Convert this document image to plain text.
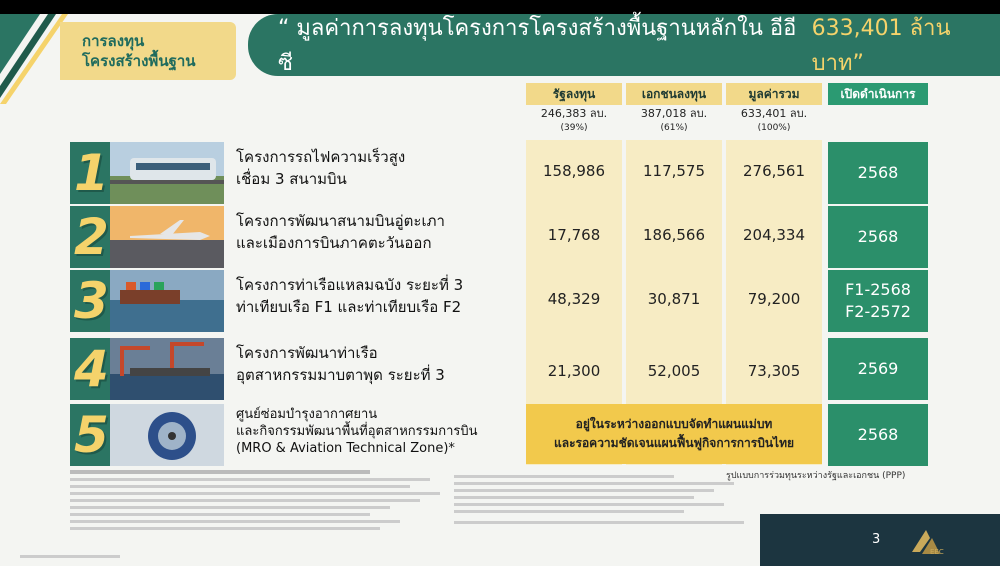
การลงทุน
โครงสร้างพื้นฐาน
“ มูลค่าการลงทุนโครงการโครงสร้างพื้นฐานหลักใน อีอีซี
633,401 ล้านบาท”
รัฐลงทุน	เอกชนลงทุน	มูลค่ารวม	เปิดดำเนินการ
246,383 ลบ.
(39%)
387,018 ลบ.
(61%)
633,401 ลบ.
(100%)
1	โครงการรถไฟความเร็วสูง
เชื่อม 3 สนามบิน	158,986	117,575	276,561	2568
2	โครงการพัฒนาสนามบินอู่ตะเภา
และเมืองการบินภาคตะวันออก	17,768	186,566	204,334	2568
3	โครงการท่าเรือแหลมฉบัง ระยะที่ 3
ท่าเทียบเรือ F1 และท่าเทียบเรือ F2	48,329	30,871	79,200	F1-2568
F2-2572
4	โครงการพัฒนาท่าเรือ
อุตสาหกรรมมาบตาพุด ระยะที่ 3	21,300	52,005	73,305	2569
5	ศูนย์ซ่อมบำรุงอากาศยาน
และกิจกรรมพัฒนาพื้นที่อุตสาหกรรมการบิน
(MRO & Aviation Technical Zone)*
อยู่ในระหว่างออกแบบจัดทำแผนแม่บท
และรอความชัดเจนแผนฟื้นฟูกิจการการบินไทย	2568
รูปแบบการร่วมทุนระหว่างรัฐและเอกชน (PPP)
3
EEC
